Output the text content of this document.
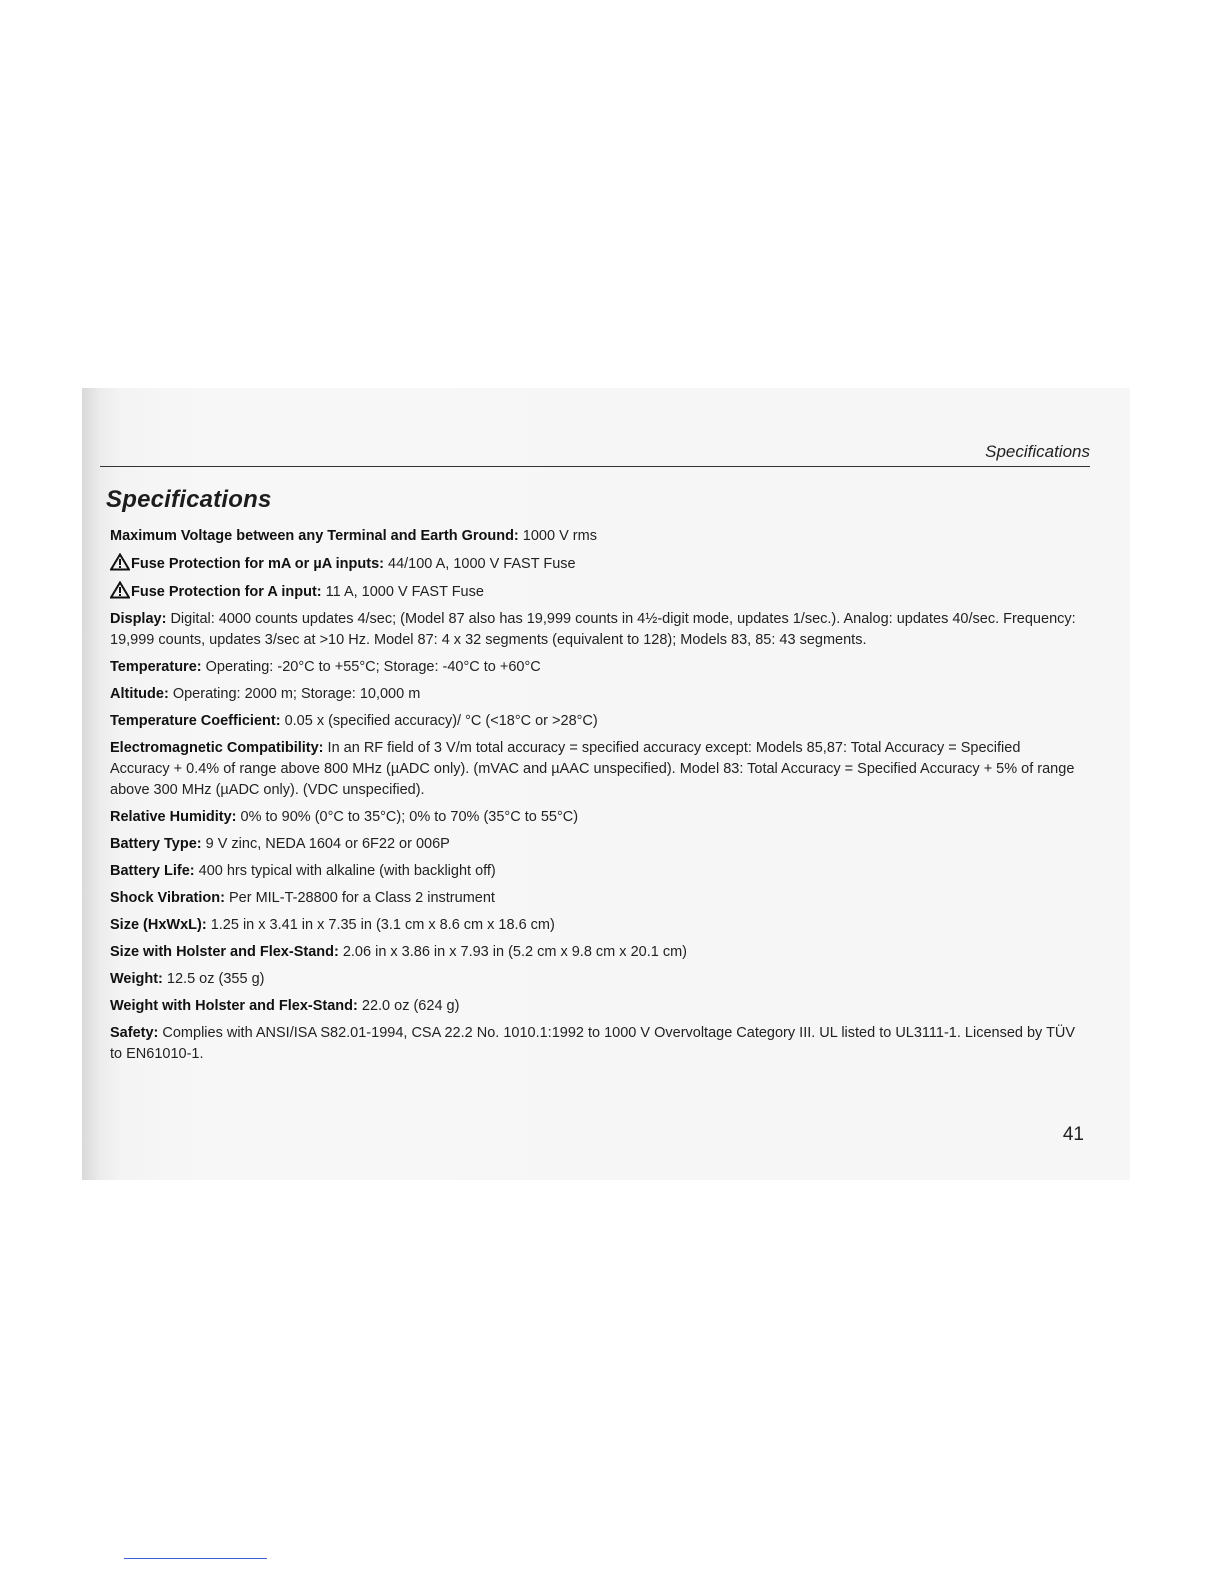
Specifications
Specifications
Maximum Voltage between any Terminal and Earth Ground: 1000 V rms
Fuse Protection for mA or µA inputs: 44/100 A, 1000 V FAST Fuse
Fuse Protection for A input: 11 A, 1000 V FAST Fuse
Display: Digital: 4000 counts updates 4/sec; (Model 87 also has 19,999 counts in 4½-digit mode, updates 1/sec.). Analog: updates 40/sec. Frequency: 19,999 counts, updates 3/sec at >10 Hz. Model 87: 4 x 32 segments (equivalent to 128); Models 83, 85: 43 segments.
Temperature: Operating: -20°C to +55°C; Storage: -40°C to +60°C
Altitude: Operating: 2000 m; Storage: 10,000 m
Temperature Coefficient: 0.05 x (specified accuracy)/ °C (<18°C or >28°C)
Electromagnetic Compatibility: In an RF field of 3 V/m total accuracy = specified accuracy except: Models 85,87: Total Accuracy = Specified Accuracy + 0.4% of range above 800 MHz (µADC only). (mVAC and µAAC unspecified). Model 83: Total Accuracy = Specified Accuracy + 5% of range above 300 MHz (µADC only). (VDC unspecified).
Relative Humidity: 0% to 90% (0°C to 35°C); 0% to 70% (35°C to 55°C)
Battery Type: 9 V zinc, NEDA 1604 or 6F22 or 006P
Battery Life: 400 hrs typical with alkaline (with backlight off)
Shock Vibration: Per MIL-T-28800 for a Class 2 instrument
Size (HxWxL): 1.25 in x 3.41 in x 7.35 in (3.1 cm x 8.6 cm x 18.6 cm)
Size with Holster and Flex-Stand: 2.06 in x 3.86 in x 7.93 in (5.2 cm x 9.8 cm x 20.1 cm)
Weight: 12.5 oz (355 g)
Weight with Holster and Flex-Stand: 22.0 oz (624 g)
Safety: Complies with ANSI/ISA S82.01-1994, CSA 22.2 No. 1010.1:1992 to 1000 V Overvoltage Category III. UL listed to UL3111-1. Licensed by TÜV to EN61010-1.
41
